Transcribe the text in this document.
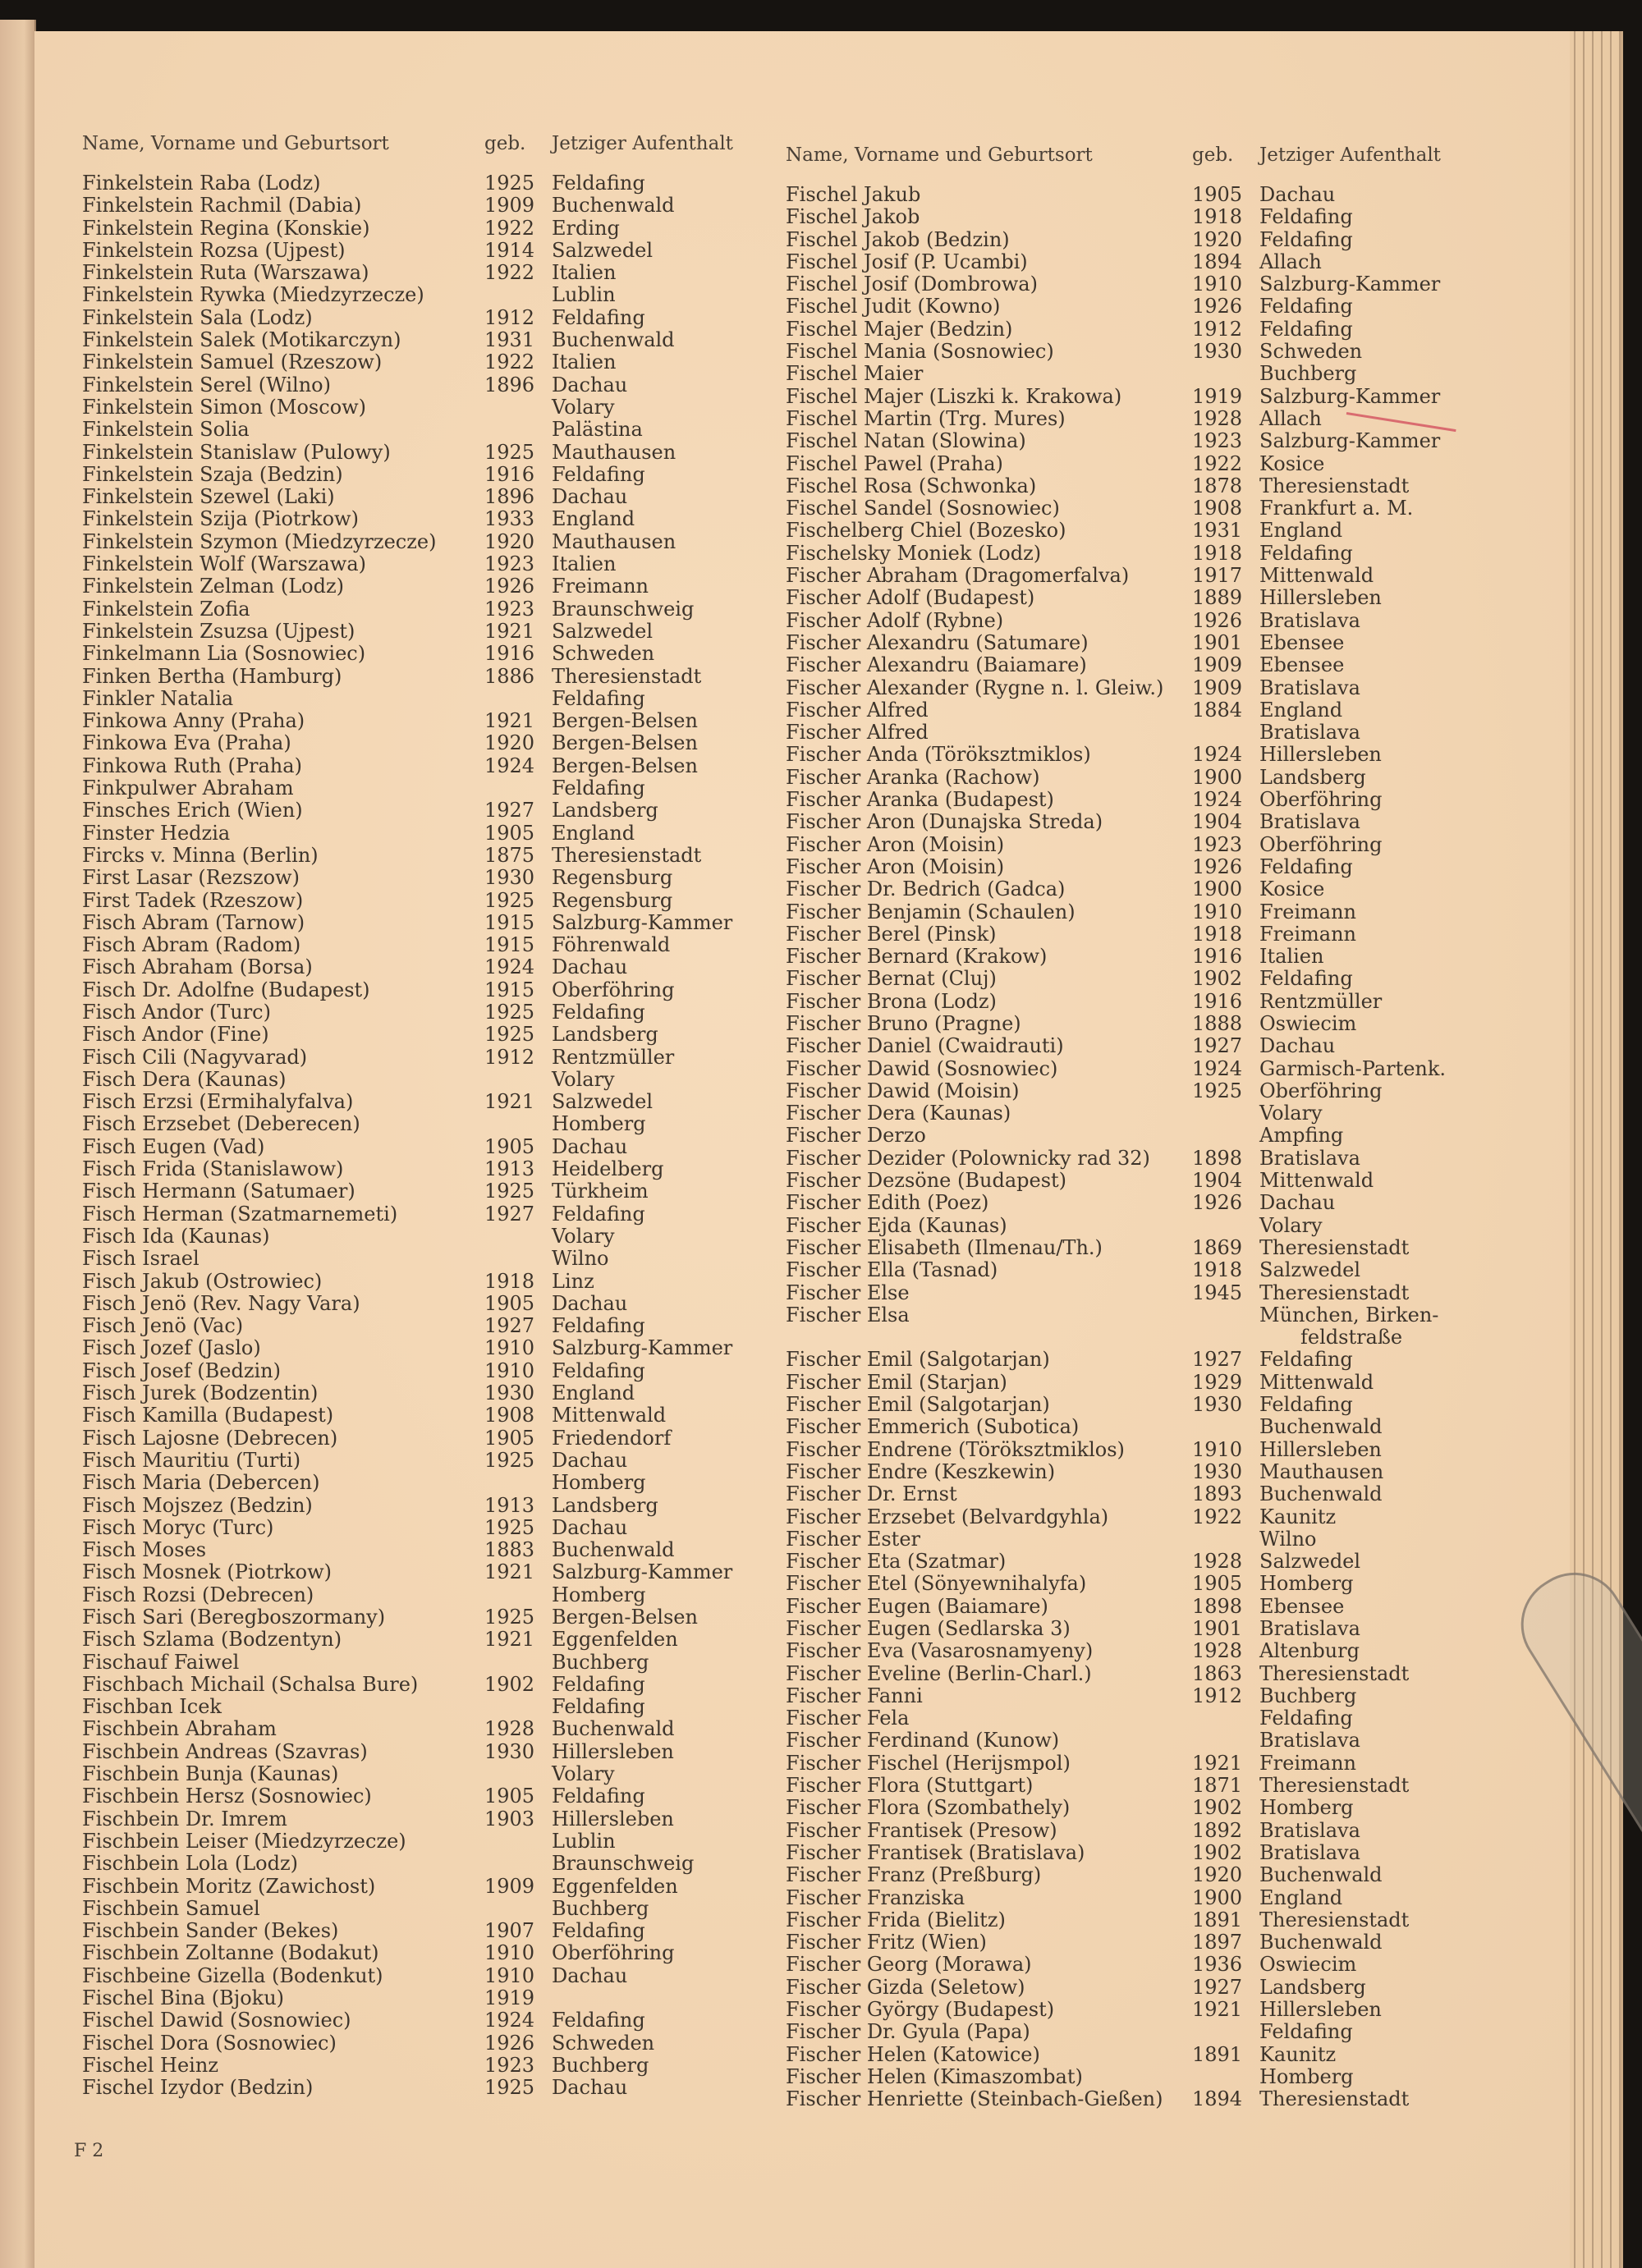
Name, Vorname und Geburtsort	geb.	Jetziger Aufenthalt
Finkelstein Raba (Lodz)	1925 Feldafing
Finkelstein Rachmil (Dabia)	1909 Buchenwald
Finkelstein Regina (Konskie)	1922 Erding
Finkelstein Rozsa (Ujpest)	1914 Salzwedel
Finkelstein Ruta (Warszawa)	1922 Italien
Finkelstein Rywka (Miedzyrzecze)	Lublin
Finkelstein Sala (Lodz)	1912 Feldafing
Finkelstein Salek (Motikarczyn)	1931 Buchenwald
Finkelstein Samuel (Rzeszow)	1922 Italien
Finkelstein Serel (Wilno)	1896 Dachau
Finkelstein Simon (Moscow)	Volary
Finkelstein Solia	Palästina
Finkelstein Stanislaw (Pulowy)	1925 Mauthausen
Finkelstein Szaja (Bedzin)	1916 Feldafing
Finkelstein Szewel (Laki)	1896 Dachau
Finkelstein Szija (Piotrkow)	1933 England
Finkelstein Szymon (Miedzyrzecze)	1920 Mauthausen
Finkelstein Wolf (Warszawa)	1923 Italien
Finkelstein Zelman (Lodz)	1926 Freimann
Finkelstein Zofia	1923 Braunschweig
Finkelstein Zsuzsa (Ujpest)	1921 Salzwedel
Finkelmann Lia (Sosnowiec)	1916 Schweden
Finken Bertha (Hamburg)	1886 Theresienstadt
Finkler Natalia	Feldafing
Finkowa Anny (Praha)	1921 Bergen-Belsen
Finkowa Eva (Praha)	1920 Bergen-Belsen
Finkowa Ruth (Praha)	1924 Bergen-Belsen
Finkpulwer Abraham	Feldafing
Finsches Erich (Wien)	1927 Landsberg
Finster Hedzia	1905 England
Fircks v. Minna (Berlin)	1875 Theresienstadt
First Lasar (Rezszow)	1930 Regensburg
First Tadek (Rzeszow)	1925 Regensburg
Fisch Abram (Tarnow)	1915 Salzburg-Kammer
Fisch Abram (Radom)	1915 Föhrenwald
Fisch Abraham (Borsa)	1924 Dachau
Fisch Dr. Adolfne (Budapest)	1915 Oberföhring
Fisch Andor (Turc)	1925 Feldafing
Fisch Andor (Fine)	1925 Landsberg
Fisch Cili (Nagyvarad)	1912 Rentzmüller
Fisch Dera (Kaunas)	Volary
Fisch Erzsi (Ermihalyfalva)	1921 Salzwedel
Fisch Erzsebet (Deberecen)	Homberg
Fisch Eugen (Vad)	1905 Dachau
Fisch Frida (Stanislawow)	1913 Heidelberg
Fisch Hermann (Satumaer)	1925 Türkheim
Fisch Herman (Szatmarnemeti)	1927 Feldafing
Fisch Ida (Kaunas)	Volary
Fisch Israel	Wilno
Fisch Jakub (Ostrowiec)	1918 Linz
Fisch Jenö (Rev. Nagy Vara)	1905 Dachau
Fisch Jenö (Vac)	1927 Feldafing
Fisch Jozef (Jaslo)	1910 Salzburg-Kammer
Fisch Josef (Bedzin)	1910 Feldafing
Fisch Jurek (Bodzentin)	1930 England
Fisch Kamilla (Budapest)	1908 Mittenwald
Fisch Lajosne (Debrecen)	1905 Friedendorf
Fisch Mauritiu (Turti)	1925 Dachau
Fisch Maria (Debercen)	Homberg
Fisch Mojszez (Bedzin)	1913 Landsberg
Fisch Moryc (Turc)	1925 Dachau
Fisch Moses	1883 Buchenwald
Fisch Mosnek (Piotrkow)	1921 Salzburg-Kammer
Fisch Rozsi (Debrecen)	Homberg
Fisch Sari (Beregboszormany)	1925 Bergen-Belsen
Fisch Szlama (Bodzentyn)	1921 Eggenfelden
Fischauf Faiwel	Buchberg
Fischbach Michail (Schalsa Bure)	1902 Feldafing
Fischban Icek	Feldafing
Fischbein Abraham	1928 Buchenwald
Fischbein Andreas (Szavras)	1930 Hillersleben
Fischbein Bunja (Kaunas)	Volary
Fischbein Hersz (Sosnowiec)	1905 Feldafing
Fischbein Dr. Imrem	1903 Hillersleben
Fischbein Leiser (Miedzyrzecze)	Lublin
Fischbein Lola (Lodz)	Braunschweig
Fischbein Moritz (Zawichost)	1909 Eggenfelden
Fischbein Samuel	Buchberg
Fischbein Sander (Bekes)	1907 Feldafing
Fischbein Zoltanne (Bodakut)	1910 Oberföhring
Fischbeine Gizella (Bodenkut)	1910 Dachau
Fischel Bina (Bjoku)	1919
Fischel Dawid (Sosnowiec)	1924 Feldafing
Fischel Dora (Sosnowiec)	1926 Schweden
Fischel Heinz	1923 Buchberg
Fischel Izydor (Bedzin)	1925 Dachau
Name, Vorname und Geburtsort	geb.	Jetziger Aufenthalt
Fischel Jakub	1905 Dachau
Fischel Jakob	1918 Feldafing
Fischel Jakob (Bedzin)	1920 Feldafing
Fischel Josif (P. Ucambi)	1894 Allach
Fischel Josif (Dombrowa)	1910 Salzburg-Kammer
Fischel Judit (Kowno)	1926 Feldafing
Fischel Majer (Bedzin)	1912 Feldafing
Fischel Mania (Sosnowiec)	1930 Schweden
Fischel Maier	Buchberg
Fischel Majer (Liszki k. Krakowa)	1919 Salzburg-Kammer
Fischel Martin (Trg. Mures)	1928 Allach
Fischel Natan (Slowina)	1923 Salzburg-Kammer
Fischel Pawel (Praha)	1922 Kosice
Fischel Rosa (Schwonka)	1878 Theresienstadt
Fischel Sandel (Sosnowiec)	1908 Frankfurt a. M.
Fischelberg Chiel (Bozesko)	1931 England
Fischelsky Moniek (Lodz)	1918 Feldafing
Fischer Abraham (Dragomerfalva)	1917 Mittenwald
Fischer Adolf (Budapest)	1889 Hillersleben
Fischer Adolf (Rybne)	1926 Bratislava
Fischer Alexandru (Satumare)	1901 Ebensee
Fischer Alexandru (Baiamare)	1909 Ebensee
Fischer Alexander (Rygne n. l. Gleiw.)	1909 Bratislava
Fischer Alfred	1884 England
Fischer Alfred	Bratislava
Fischer Anda (Töröksztmiklos)	1924 Hillersleben
Fischer Aranka (Rachow)	1900 Landsberg
Fischer Aranka (Budapest)	1924 Oberföhring
Fischer Aron (Dunajska Streda)	1904 Bratislava
Fischer Aron (Moisin)	1923 Oberföhring
Fischer Aron (Moisin)	1926 Feldafing
Fischer Dr. Bedrich (Gadca)	1900 Kosice
Fischer Benjamin (Schaulen)	1910 Freimann
Fischer Berel (Pinsk)	1918 Freimann
Fischer Bernard (Krakow)	1916 Italien
Fischer Bernat (Cluj)	1902 Feldafing
Fischer Brona (Lodz)	1916 Rentzmüller
Fischer Bruno (Pragne)	1888 Oswiecim
Fischer Daniel (Cwaidrauti)	1927 Dachau
Fischer Dawid (Sosnowiec)	1924 Garmisch-Partenk.
Fischer Dawid (Moisin)	1925 Oberföhring
Fischer Dera (Kaunas)	Volary
Fischer Derzo	Ampfing
Fischer Dezider (Polownicky rad 32)	1898 Bratislava
Fischer Dezsöne (Budapest)	1904 Mittenwald
Fischer Edith (Poez)	1926 Dachau
Fischer Ejda (Kaunas)	Volary
Fischer Elisabeth (Ilmenau/Th.)	1869 Theresienstadt
Fischer Ella (Tasnad)	1918 Salzwedel
Fischer Else	1945 Theresienstadt
Fischer Elsa	München, Birken-
feldstraße
Fischer Emil (Salgotarjan)	1927 Feldafing
Fischer Emil (Starjan)	1929 Mittenwald
Fischer Emil (Salgotarjan)	1930 Feldafing
Fischer Emmerich (Subotica)	Buchenwald
Fischer Endrene (Töröksztmiklos)	1910 Hillersleben
Fischer Endre (Keszkewin)	1930 Mauthausen
Fischer Dr. Ernst	1893 Buchenwald
Fischer Erzsebet (Belvardgyhla)	1922 Kaunitz
Fischer Ester	Wilno
Fischer Eta (Szatmar)	1928 Salzwedel
Fischer Etel (Sönyewnihalyfa)	1905 Homberg
Fischer Eugen (Baiamare)	1898 Ebensee
Fischer Eugen (Sedlarska 3)	1901 Bratislava
Fischer Eva (Vasarosnamyeny)	1928 Altenburg
Fischer Eveline (Berlin-Charl.)	1863 Theresienstadt
Fischer Fanni	1912 Buchberg
Fischer Fela	Feldafing
Fischer Ferdinand (Kunow)	Bratislava
Fischer Fischel (Herijsmpol)	1921 Freimann
Fischer Flora (Stuttgart)	1871 Theresienstadt
Fischer Flora (Szombathely)	1902 Homberg
Fischer Frantisek (Presow)	1892 Bratislava
Fischer Frantisek (Bratislava)	1902 Bratislava
Fischer Franz (Preßburg)	1920 Buchenwald
Fischer Franziska	1900 England
Fischer Frida (Bielitz)	1891 Theresienstadt
Fischer Fritz (Wien)	1897 Buchenwald
Fischer Georg (Morawa)	1936 Oswiecim
Fischer Gizda (Seletow)	1927 Landsberg
Fischer György (Budapest)	1921 Hillersleben
Fischer Dr. Gyula (Papa)	Feldafing
Fischer Helen (Katowice)	1891 Kaunitz
Fischer Helen (Kimaszombat)	Homberg
Fischer Henriette (Steinbach-Gießen)	1894 Theresienstadt
F 2
